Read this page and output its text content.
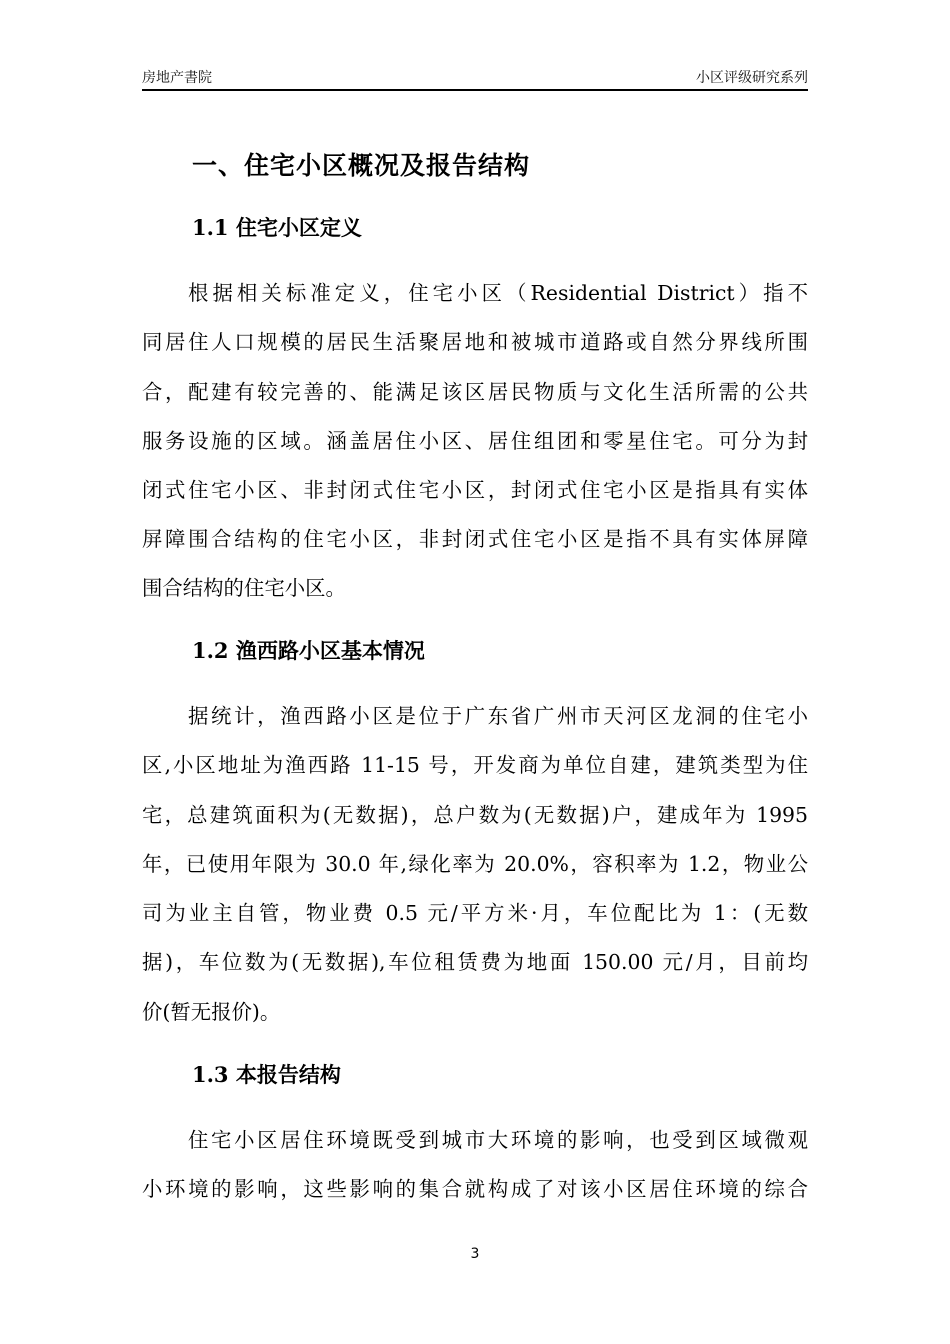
房地产書院	小区评级研究系列
一、住宅小区概况及报告结构
1.1 住宅小区定义
根据相关标准定义，住宅小区（Residential District）指不
同居住人口规模的居民生活聚居地和被城市道路或自然分界线所围
合，配建有较完善的、能满足该区居民物质与文化生活所需的公共
服务设施的区域。涵盖居住小区、居住组团和零星住宅。可分为封
闭式住宅小区、非封闭式住宅小区，封闭式住宅小区是指具有实体
屏障围合结构的住宅小区，非封闭式住宅小区是指不具有实体屏障
围合结构的住宅小区。
1.2 渔西路小区基本情况
据统计，渔西路小区是位于广东省广州市天河区龙洞的住宅小
区,小区地址为渔西路 11-15 号，开发商为单位自建，建筑类型为住
宅，总建筑面积为(无数据)，总户数为(无数据)户，建成年为 1995
年，已使用年限为 30.0 年,绿化率为 20.0%，容积率为 1.2，物业公
司为业主自管，物业费 0.5 元/平方米·月，车位配比为 1：(无数
据)，车位数为(无数据),车位租赁费为地面 150.00 元/月，目前均
价(暂无报价)。
1.3 本报告结构
住宅小区居住环境既受到城市大环境的影响，也受到区域微观
小环境的影响，这些影响的集合就构成了对该小区居住环境的综合
3
